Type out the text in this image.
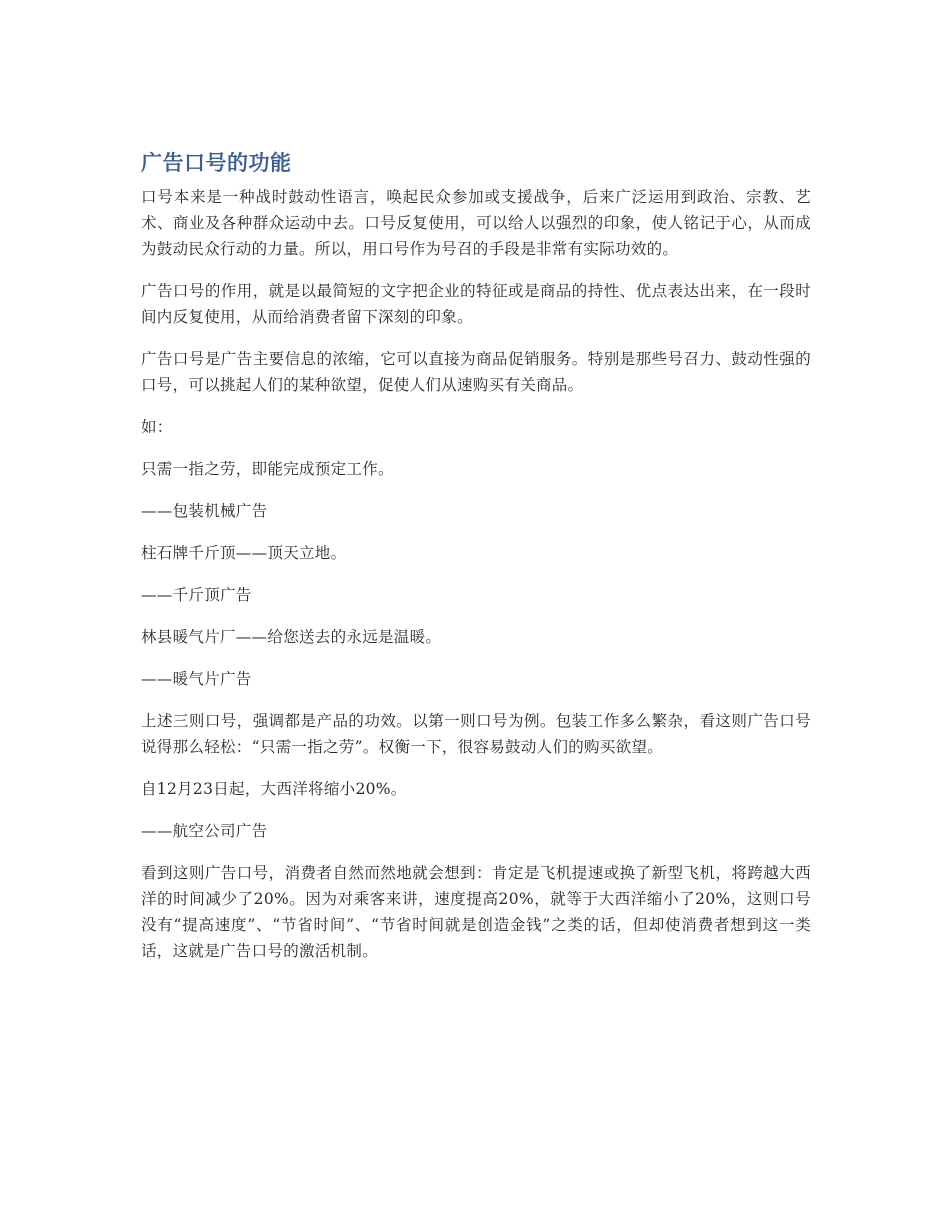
广告口号的功能

口号本来是一种战时鼓动性语言，唤起民众参加或支援战争，后来广泛运用到政治、宗教、艺术、商业及各种群众运动中去。口号反复使用，可以给人以强烈的印象，使人铭记于心，从而成为鼓动民众行动的力量。所以，用口号作为号召的手段是非常有实际功效的。

广告口号的作用，就是以最简短的文字把企业的特征或是商品的持性、优点表达出来，在一段时间内反复使用，从而给消费者留下深刻的印象。

广告口号是广告主要信息的浓缩，它可以直接为商品促销服务。特别是那些号召力、鼓动性强的口号，可以挑起人们的某种欲望，促使人们从速购买有关商品。

如：

只需一指之劳，即能完成预定工作。

——包装机械广告

柱石牌千斤顶——顶天立地。

——千斤顶广告

林县暖气片厂——给您送去的永远是温暖。

——暖气片广告

上述三则口号，强调都是产品的功效。以第一则口号为例。包装工作多么繁杂，看这则广告口号说得那么轻松：“只需一指之劳”。权衡一下，很容易鼓动人们的购买欲望。

自12月23日起，大西洋将缩小20%。

——航空公司广告

看到这则广告口号，消费者自然而然地就会想到：肯定是飞机提速或换了新型飞机，将跨越大西洋的时间减少了20%。因为对乘客来讲，速度提高20%，就等于大西洋缩小了20%，这则口号没有“提高速度”、“节省时间”、“节省时间就是创造金钱”之类的话，但却使消费者想到这一类话，这就是广告口号的激活机制。
